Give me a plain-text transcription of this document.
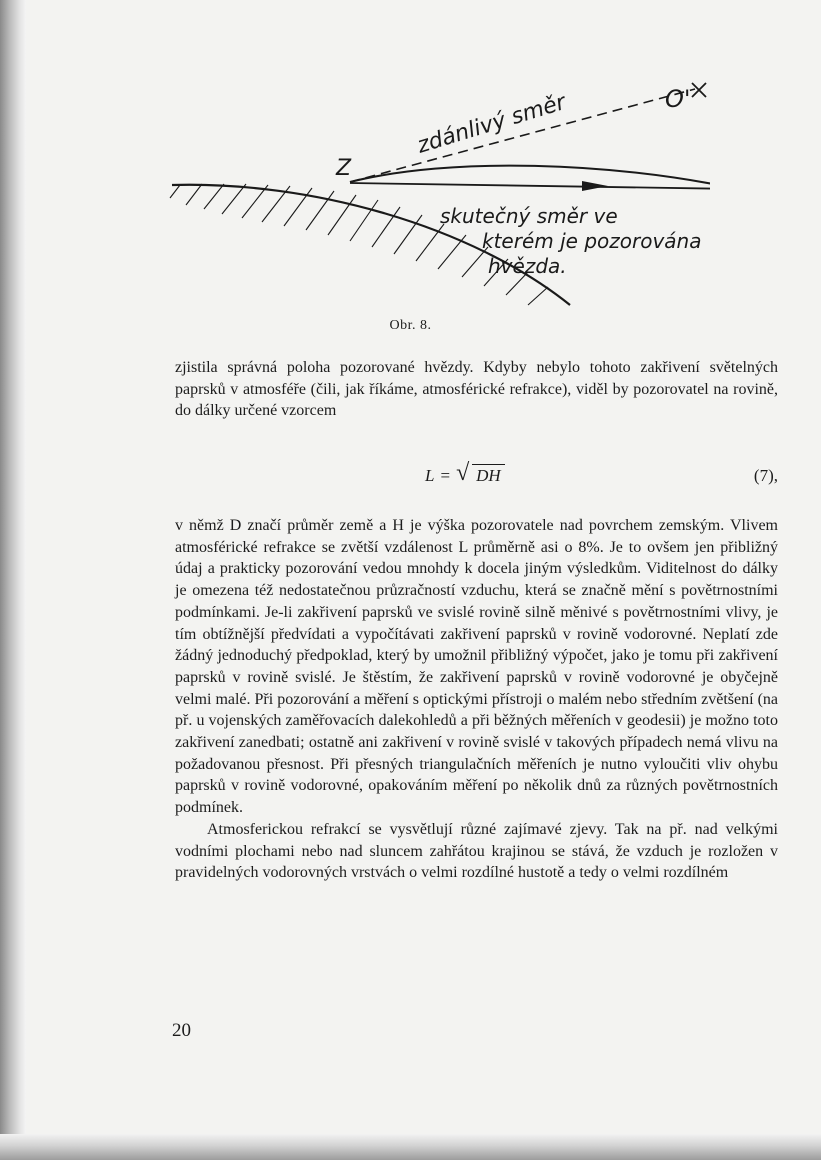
zdánlivý směr
Z
O'
skutečný směr ve
kterém je pozorována
hvězda.
Obr. 8.

zjistila správná poloha pozorované hvězdy. Kdyby nebylo tohoto zakřivení světelných paprsků v atmosféře (čili, jak říkáme, atmosférické refrakce), viděl by pozorovatel na rovině, do dálky určené vzorcem

L = √ DH	(7),

v němž D značí průměr země a H je výška pozorovatele nad povrchem zemským. Vlivem atmosférické refrakce se zvětší vzdálenost L průměrně asi o 8%. Je to ovšem jen přibližný údaj a prakticky pozorování vedou mnohdy k docela jiným výsledkům. Viditelnost do dálky je omezena též nedostatečnou průzračností vzduchu, která se značně mění s povětrnostními podmínkami. Je-li zakřivení paprsků ve svislé rovině silně měnivé s povětrnostními vlivy, je tím obtížnější předvídati a vypočítávati zakřivení paprsků v rovině vodorovné. Neplatí zde žádný jednoduchý předpoklad, který by umožnil přibližný výpočet, jako je tomu při zakřivení paprsků v rovině svislé. Je štěstím, že zakřivení paprsků v rovině vodorovné je obyčejně velmi malé. Při pozorování a měření s optickými přístroji o malém nebo středním zvětšení (na př. u vojenských zaměřovacích dalekohledů a při běžných měřeních v geodesii) je možno toto zakřivení zanedbati; ostatně ani zakřivení v rovině svislé v takových případech nemá vlivu na požadovanou přesnost. Při přesných triangulačních měřeních je nutno vyloučiti vliv ohybu paprsků v rovině vodorovné, opakováním měření po několik dnů za různých povětrnostních podmínek.

Atmosferickou refrakcí se vysvětlují různé zajímavé zjevy. Tak na př. nad velkými vodními plochami nebo nad sluncem zahřátou krajinou se stává, že vzduch je rozložen v pravidelných vodorovných vrstvách o velmi rozdílné hustotě a tedy o velmi rozdílném

20
